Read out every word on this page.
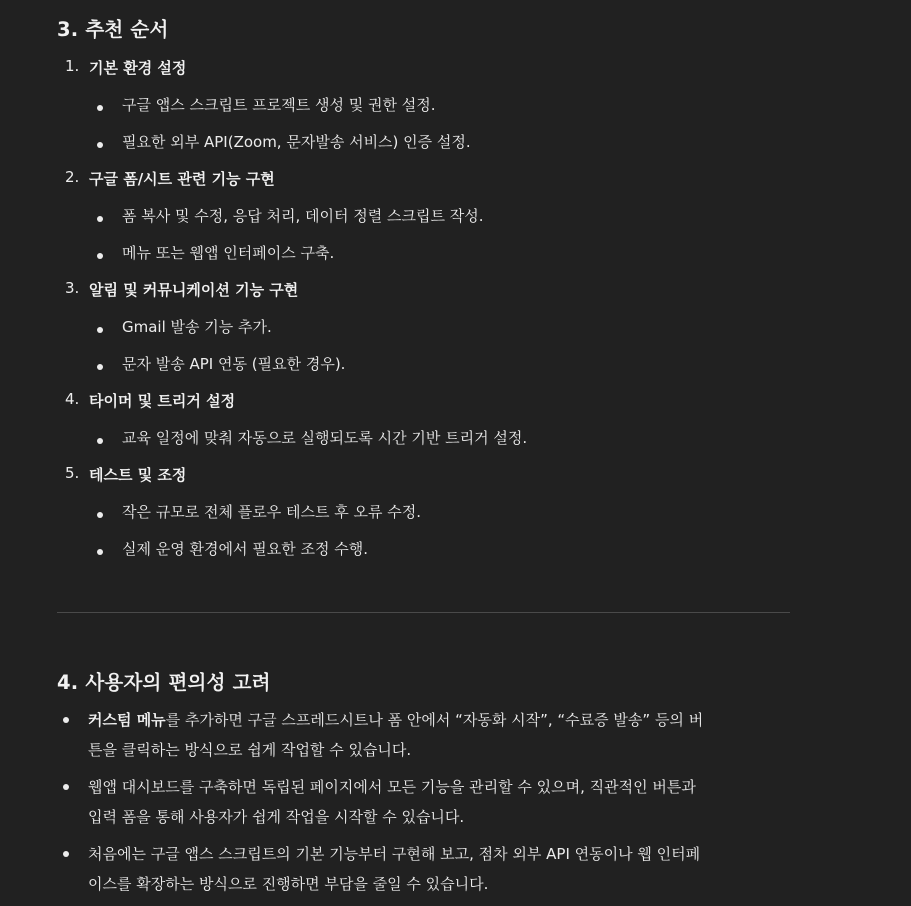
3. 추천 순서
1. 기본 환경 설정
구글 앱스 스크립트 프로젝트 생성 및 권한 설정.
필요한 외부 API(Zoom, 문자발송 서비스) 인증 설정.
2. 구글 폼/시트 관련 기능 구현
폼 복사 및 수정, 응답 처리, 데이터 정렬 스크립트 작성.
메뉴 또는 웹앱 인터페이스 구축.
3. 알림 및 커뮤니케이션 기능 구현
Gmail 발송 기능 추가.
문자 발송 API 연동 (필요한 경우).
4. 타이머 및 트리거 설정
교육 일정에 맞춰 자동으로 실행되도록 시간 기반 트리거 설정.
5. 테스트 및 조정
작은 규모로 전체 플로우 테스트 후 오류 수정.
실제 운영 환경에서 필요한 조정 수행.
4. 사용자의 편의성 고려
커스텀 메뉴를 추가하면 구글 스프레드시트나 폼 안에서 “자동화 시작”, “수료증 발송” 등의 버
튼을 클릭하는 방식으로 쉽게 작업할 수 있습니다.
웹앱 대시보드를 구축하면 독립된 페이지에서 모든 기능을 관리할 수 있으며, 직관적인 버튼과
입력 폼을 통해 사용자가 쉽게 작업을 시작할 수 있습니다.
처음에는 구글 앱스 스크립트의 기본 기능부터 구현해 보고, 점차 외부 API 연동이나 웹 인터페
이스를 확장하는 방식으로 진행하면 부담을 줄일 수 있습니다.
